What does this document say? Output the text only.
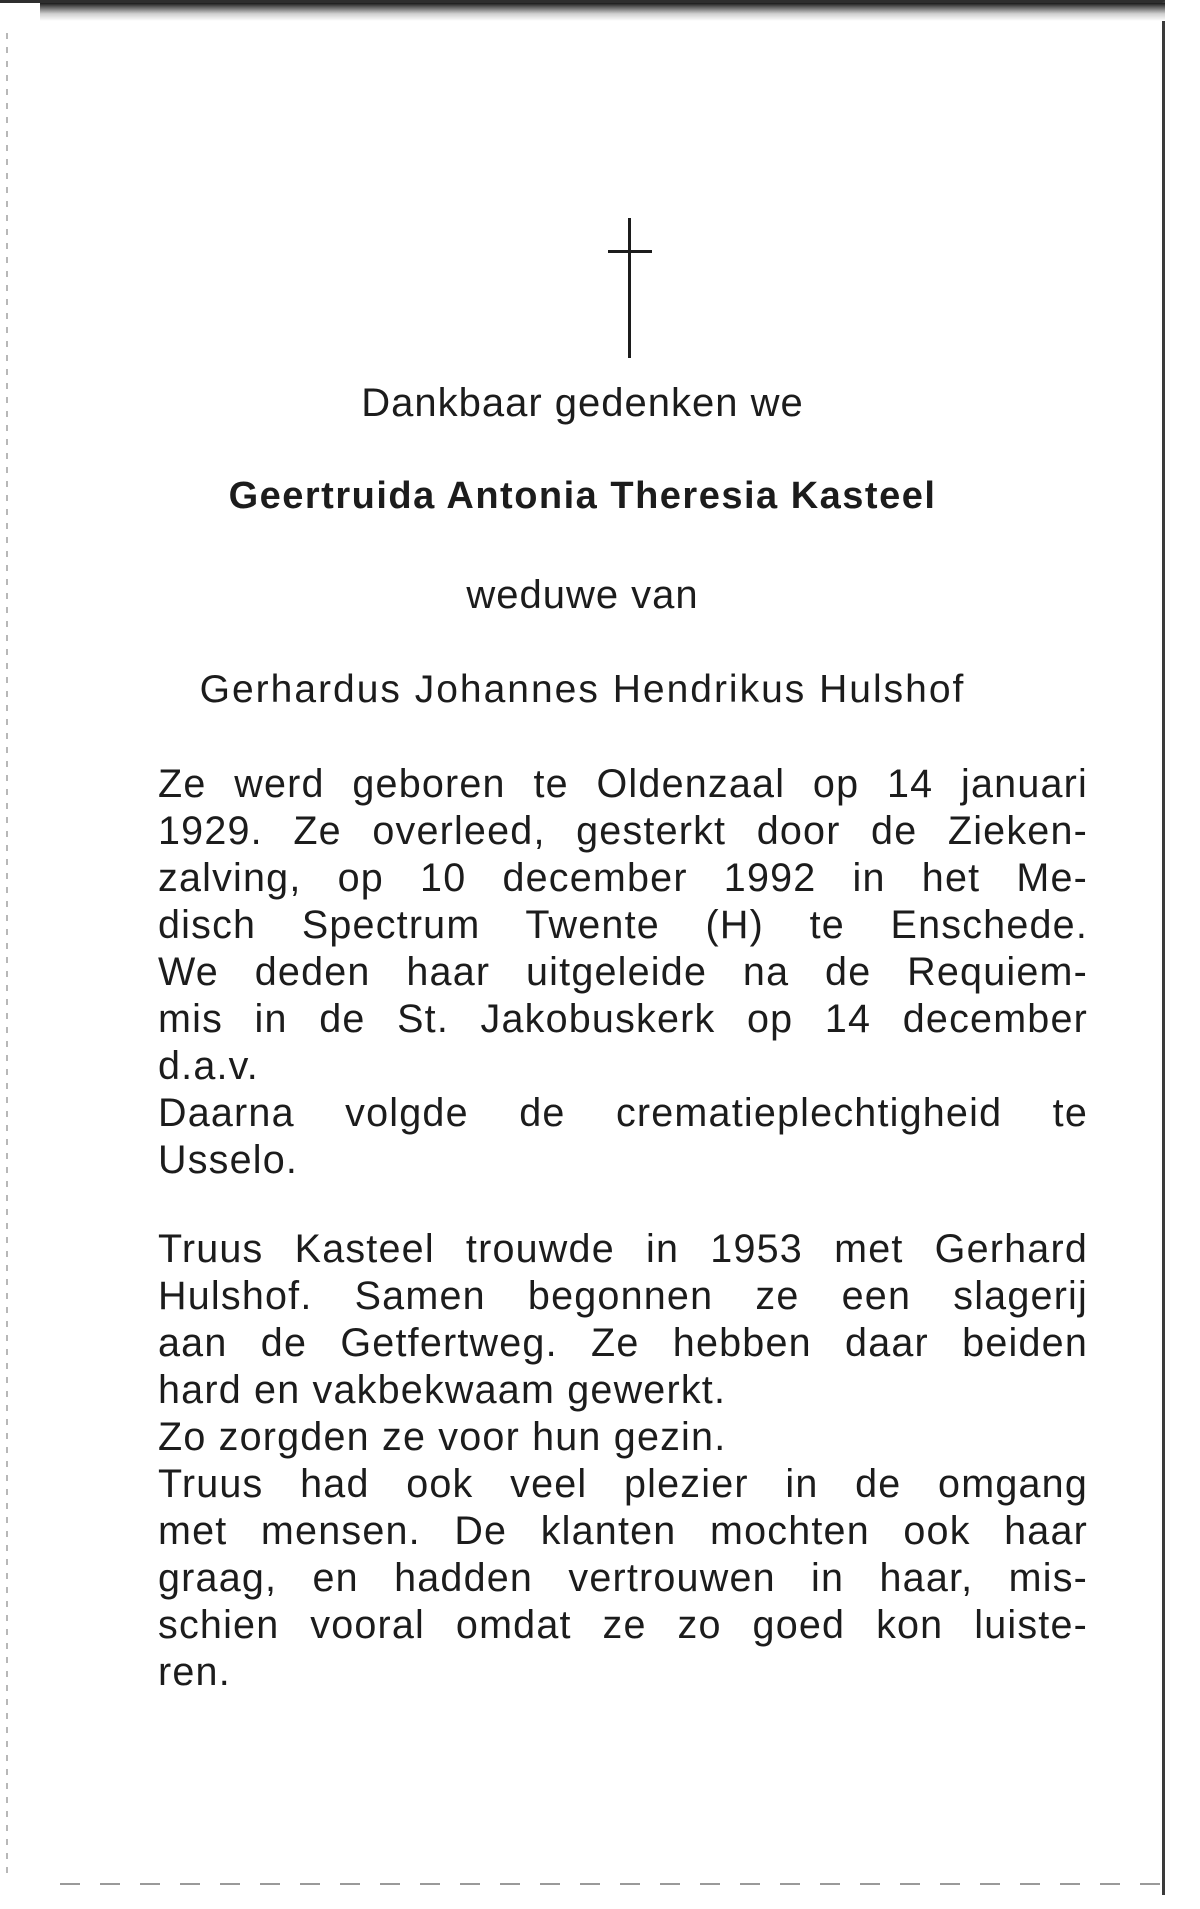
Dankbaar gedenken we
Geertruida Antonia Theresia Kasteel
weduwe van
Gerhardus Johannes Hendrikus Hulshof
Ze werd geboren te Oldenzaal op 14 januari
1929. Ze overleed, gesterkt door de Zieken-
zalving, op 10 december 1992 in het Me-
disch Spectrum Twente (H) te Enschede.
We deden haar uitgeleide na de Requiem-
mis in de St. Jakobuskerk op 14 december
d.a.v.
Daarna volgde de crematieplechtigheid te
Usselo.
Truus Kasteel trouwde in 1953 met Gerhard
Hulshof. Samen begonnen ze een slagerij
aan de Getfertweg. Ze hebben daar beiden
hard en vakbekwaam gewerkt.
Zo zorgden ze voor hun gezin.
Truus had ook veel plezier in de omgang
met mensen. De klanten mochten ook haar
graag, en hadden vertrouwen in haar, mis-
schien vooral omdat ze zo goed kon luiste-
ren.
